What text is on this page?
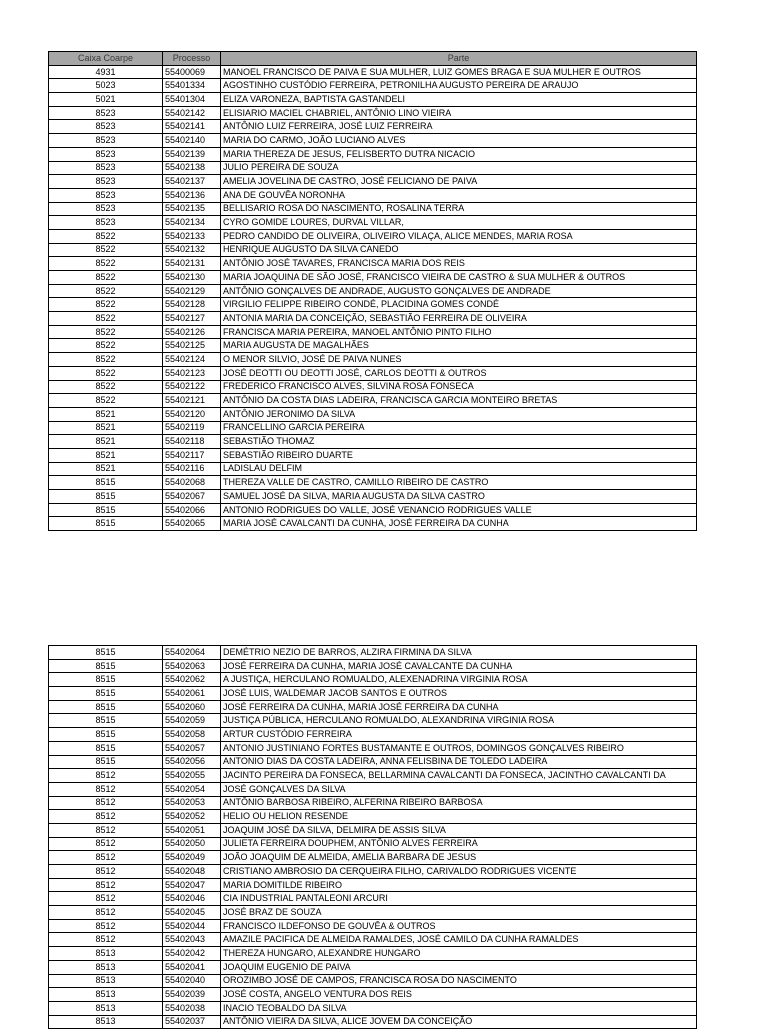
Caixa Coarpe	Processo	Parte
4931	55400069	MANOEL FRANCISCO DE PAIVA E SUA MULHER, LUIZ GOMES BRAGA E SUA MULHER E OUTROS
5023	55401334	AGOSTINHO CUSTÓDIO FERREIRA, PETRONILHA AUGUSTO PEREIRA DE ARAUJO
5021	55401304	ELIZA VARONEZA, BAPTISTA GASTANDELI
8523	55402142	ELISIARIO MACIEL CHABRIEL, ANTÔNIO LINO VIEIRA
8523	55402141	ANTÔNIO LUIZ FERREIRA, JOSÉ LUIZ FERREIRA
8523	55402140	MARIA DO CARMO, JOÃO LUCIANO ALVES
8523	55402139	MARIA THEREZA DE JESUS, FELISBERTO DUTRA NICACIO
8523	55402138	JULIO PEREIRA DE SOUZA
8523	55402137	AMELIA JOVELINA DE CASTRO, JOSÉ FELICIANO DE PAIVA
8523	55402136	ANA DE GOUVÊA NORONHA
8523	55402135	BELLISARIO ROSA DO NASCIMENTO, ROSALINA TERRA
8523	55402134	CYRO GOMIDE LOURES, DURVAL VILLAR,
8522	55402133	PEDRO CANDIDO DE OLIVEIRA, OLIVEIRO VILAÇA, ALICE MENDES, MARIA ROSA
8522	55402132	HENRIQUE AUGUSTO DA SILVA CANEDO
8522	55402131	ANTÔNIO JOSÉ TAVARES, FRANCISCA MARIA DOS REIS
8522	55402130	MARIA JOAQUINA DE SÃO JOSÉ, FRANCISCO VIEIRA DE CASTRO & SUA MULHER & OUTROS
8522	55402129	ANTÔNIO GONÇALVES DE ANDRADE, AUGUSTO GONÇALVES DE ANDRADE
8522	55402128	VIRGILIO FELIPPE RIBEIRO CONDÉ, PLACIDINA GOMES CONDÉ
8522	55402127	ANTONIA MARIA DA CONCEIÇÃO, SEBASTIÃO FERREIRA DE OLIVEIRA
8522	55402126	FRANCISCA MARIA PEREIRA, MANOEL ANTÔNIO PINTO FILHO
8522	55402125	MARIA AUGUSTA DE MAGALHÃES
8522	55402124	O MENOR SILVIO, JOSÉ DE PAIVA NUNES
8522	55402123	JOSÉ DEOTTI OU DEOTTI JOSÉ, CARLOS DEOTTI & OUTROS
8522	55402122	FREDERICO FRANCISCO ALVES, SILVINA ROSA FONSECA
8522	55402121	ANTÔNIO DA COSTA DIAS LADEIRA, FRANCISCA GARCIA MONTEIRO BRETAS
8521	55402120	ANTÔNIO JERONIMO DA SILVA
8521	55402119	FRANCELLINO GARCIA PEREIRA
8521	55402118	SEBASTIÃO THOMAZ
8521	55402117	SEBASTIÃO RIBEIRO DUARTE
8521	55402116	LADISLAU DELFIM
8515	55402068	THEREZA VALLE DE CASTRO, CAMILLO RIBEIRO DE CASTRO
8515	55402067	SAMUEL JOSÉ DA SILVA, MARIA AUGUSTA DA SILVA CASTRO
8515	55402066	ANTONIO RODRIGUES DO VALLE, JOSÉ VENANCIO RODRIGUES VALLE
8515	55402065	MARIA JOSÉ CAVALCANTI DA CUNHA, JOSÉ FERREIRA DA CUNHA
8515	55402064	DEMÉTRIO NEZIO DE BARROS, ALZIRA FIRMINA DA SILVA
8515	55402063	JOSÉ FERREIRA DA CUNHA, MARIA JOSÉ CAVALCANTE DA CUNHA
8515	55402062	A JUSTIÇA, HERCULANO ROMUALDO, ALEXENADRINA VIRGINIA ROSA
8515	55402061	JOSÉ LUIS, WALDEMAR JACOB SANTOS E OUTROS
8515	55402060	JOSÉ FERREIRA DA CUNHA, MARIA JOSÉ FERREIRA DA CUNHA
8515	55402059	JUSTIÇA PÚBLICA, HERCULANO ROMUALDO, ALEXANDRINA VIRGINIA ROSA
8515	55402058	ARTUR CUSTÓDIO FERREIRA
8515	55402057	ANTONIO JUSTINIANO FORTES BUSTAMANTE E OUTROS, DOMINGOS GONÇALVES RIBEIRO
8515	55402056	ANTONIO DIAS DA COSTA LADEIRA, ANNA FELISBINA DE TOLEDO LADEIRA
8512	55402055	JACINTO PEREIRA DA FONSECA, BELLARMINA CAVALCANTI DA FONSECA, JACINTHO CAVALCANTI DA
8512	55402054	JOSÉ GONÇALVES DA SILVA
8512	55402053	ANTÔNIO BARBOSA RIBEIRO, ALFERINA RIBEIRO BARBOSA
8512	55402052	HELIO OU HELION RESENDE
8512	55402051	JOAQUIM JOSÉ DA SILVA, DELMIRA DE ASSIS SILVA
8512	55402050	JULIETA FERREIRA DOUPHEM, ANTÔNIO ALVES FERREIRA
8512	55402049	JOÃO JOAQUIM DE ALMEIDA, AMELIA BARBARA DE JESUS
8512	55402048	CRISTIANO AMBROSIO DA CERQUEIRA FILHO, CARIVALDO RODRIGUES VICENTE
8512	55402047	MARIA DOMITILDE RIBEIRO
8512	55402046	CIA INDUSTRIAL PANTALEONI ARCURI
8512	55402045	JOSÉ BRAZ DE SOUZA
8512	55402044	FRANCISCO ILDEFONSO DE GOUVÊA & OUTROS
8512	55402043	AMAZILE PACIFICA DE ALMEIDA RAMALDES, JOSÉ CAMILO DA CUNHA RAMALDES
8513	55402042	THEREZA HUNGARO, ALEXANDRE HUNGARO
8513	55402041	JOAQUIM EUGENIO DE PAIVA
8513	55402040	OROZIMBO JOSÉ DE CAMPOS, FRANCISCA ROSA DO NASCIMENTO
8513	55402039	JOSÉ COSTA, ANGELO VENTURA DOS REIS
8513	55402038	INACIO TEOBALDO DA SILVA
8513	55402037	ANTÔNIO VIEIRA DA SILVA, ALICE JOVEM DA CONCEIÇÃO
